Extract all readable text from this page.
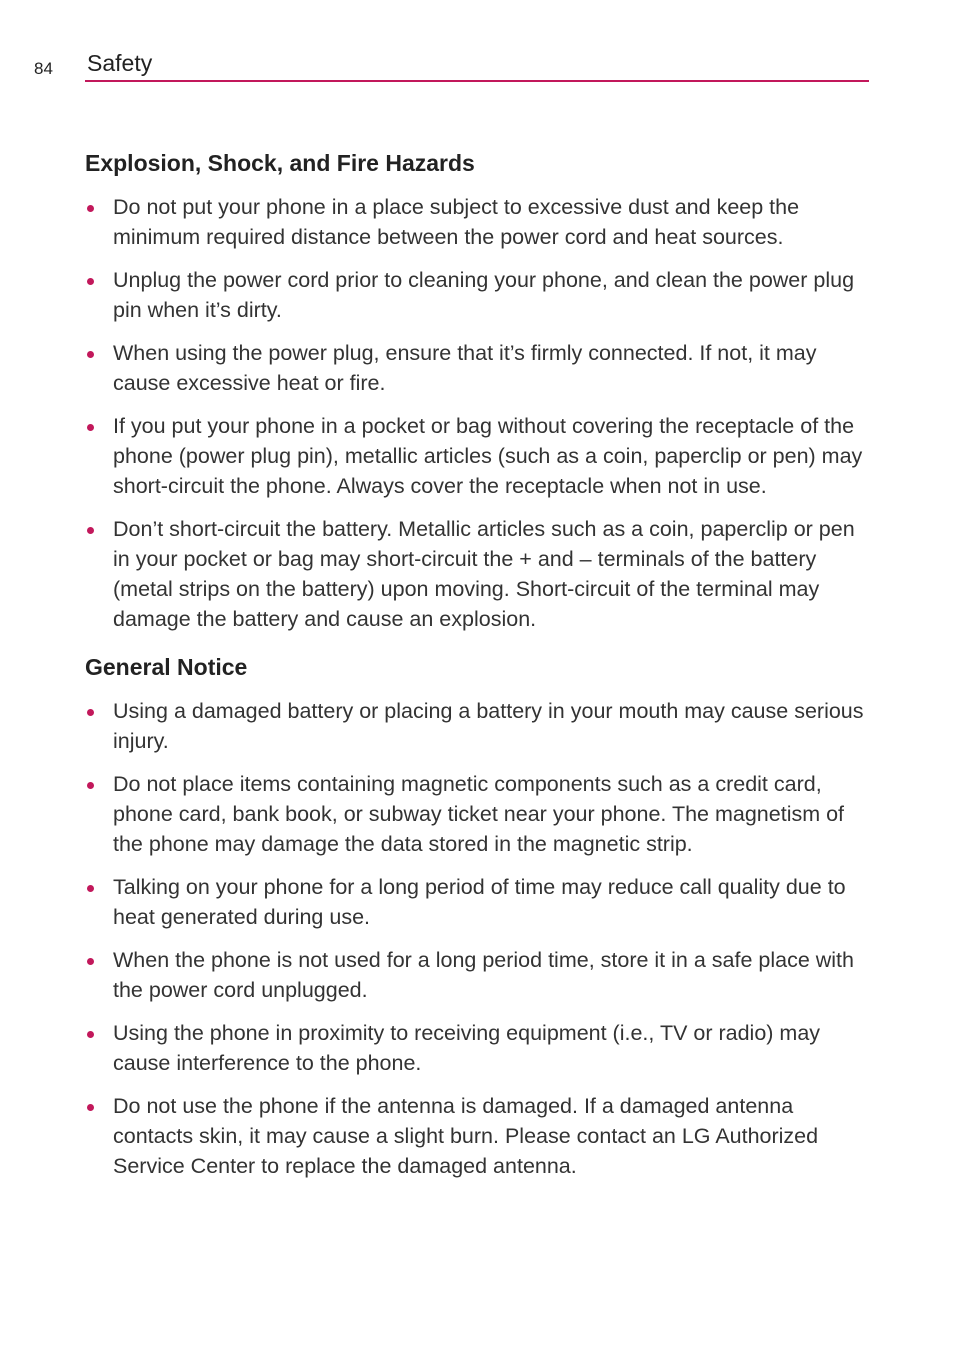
84 Safety
Explosion, Shock, and Fire Hazards
Do not put your phone in a place subject to excessive dust and keep the minimum required distance between the power cord and heat sources.
Unplug the power cord prior to cleaning your phone, and clean the power plug pin when it’s dirty.
When using the power plug, ensure that it’s firmly connected. If not, it may cause excessive heat or fire.
If you put your phone in a pocket or bag without covering the receptacle of the phone (power plug pin), metallic articles (such as a coin, paperclip or pen) may short-circuit the phone. Always cover the receptacle when not in use.
Don’t short-circuit the battery. Metallic articles such as a coin, paperclip or pen in your pocket or bag may short-circuit the + and – terminals of the battery (metal strips on the battery) upon moving. Short-circuit of the terminal may damage the battery and cause an explosion.
General Notice
Using a damaged battery or placing a battery in your mouth may cause serious injury.
Do not place items containing magnetic components such as a credit card, phone card, bank book, or subway ticket near your phone. The magnetism of the phone may damage the data stored in the magnetic strip.
Talking on your phone for a long period of time may reduce call quality due to heat generated during use.
When the phone is not used for a long period time, store it in a safe place with the power cord unplugged.
Using the phone in proximity to receiving equipment (i.e., TV or radio) may cause interference to the phone.
Do not use the phone if the antenna is damaged. If a damaged antenna contacts skin, it may cause a slight burn. Please contact an LG Authorized Service Center to replace the damaged antenna.
